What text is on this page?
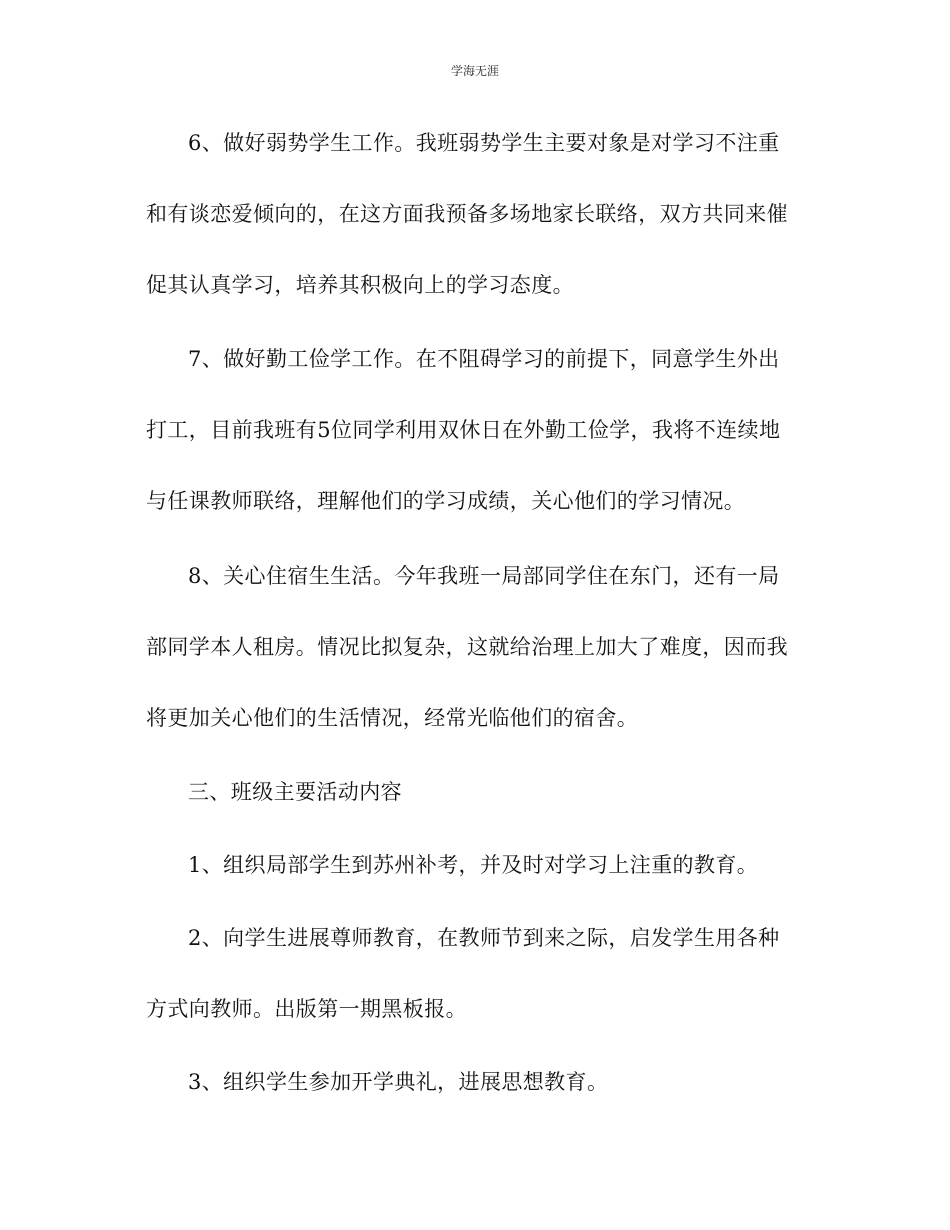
学海无涯
6、做好弱势学生工作。我班弱势学生主要对象是对学习不注重
和有谈恋爱倾向的，在这方面我预备多场地家长联络，双方共同来催
促其认真学习，培养其积极向上的学习态度。
7、做好勤工俭学工作。在不阻碍学习的前提下，同意学生外出
打工，目前我班有5位同学利用双休日在外勤工俭学，我将不连续地
与任课教师联络，理解他们的学习成绩，关心他们的学习情况。
8、关心住宿生生活。今年我班一局部同学住在东门，还有一局
部同学本人租房。情况比拟复杂，这就给治理上加大了难度，因而我
将更加关心他们的生活情况，经常光临他们的宿舍。
三、班级主要活动内容
1、组织局部学生到苏州补考，并及时对学习上注重的教育。
2、向学生进展尊师教育，在教师节到来之际，启发学生用各种
方式向教师。出版第一期黑板报。
3、组织学生参加开学典礼，进展思想教育。
